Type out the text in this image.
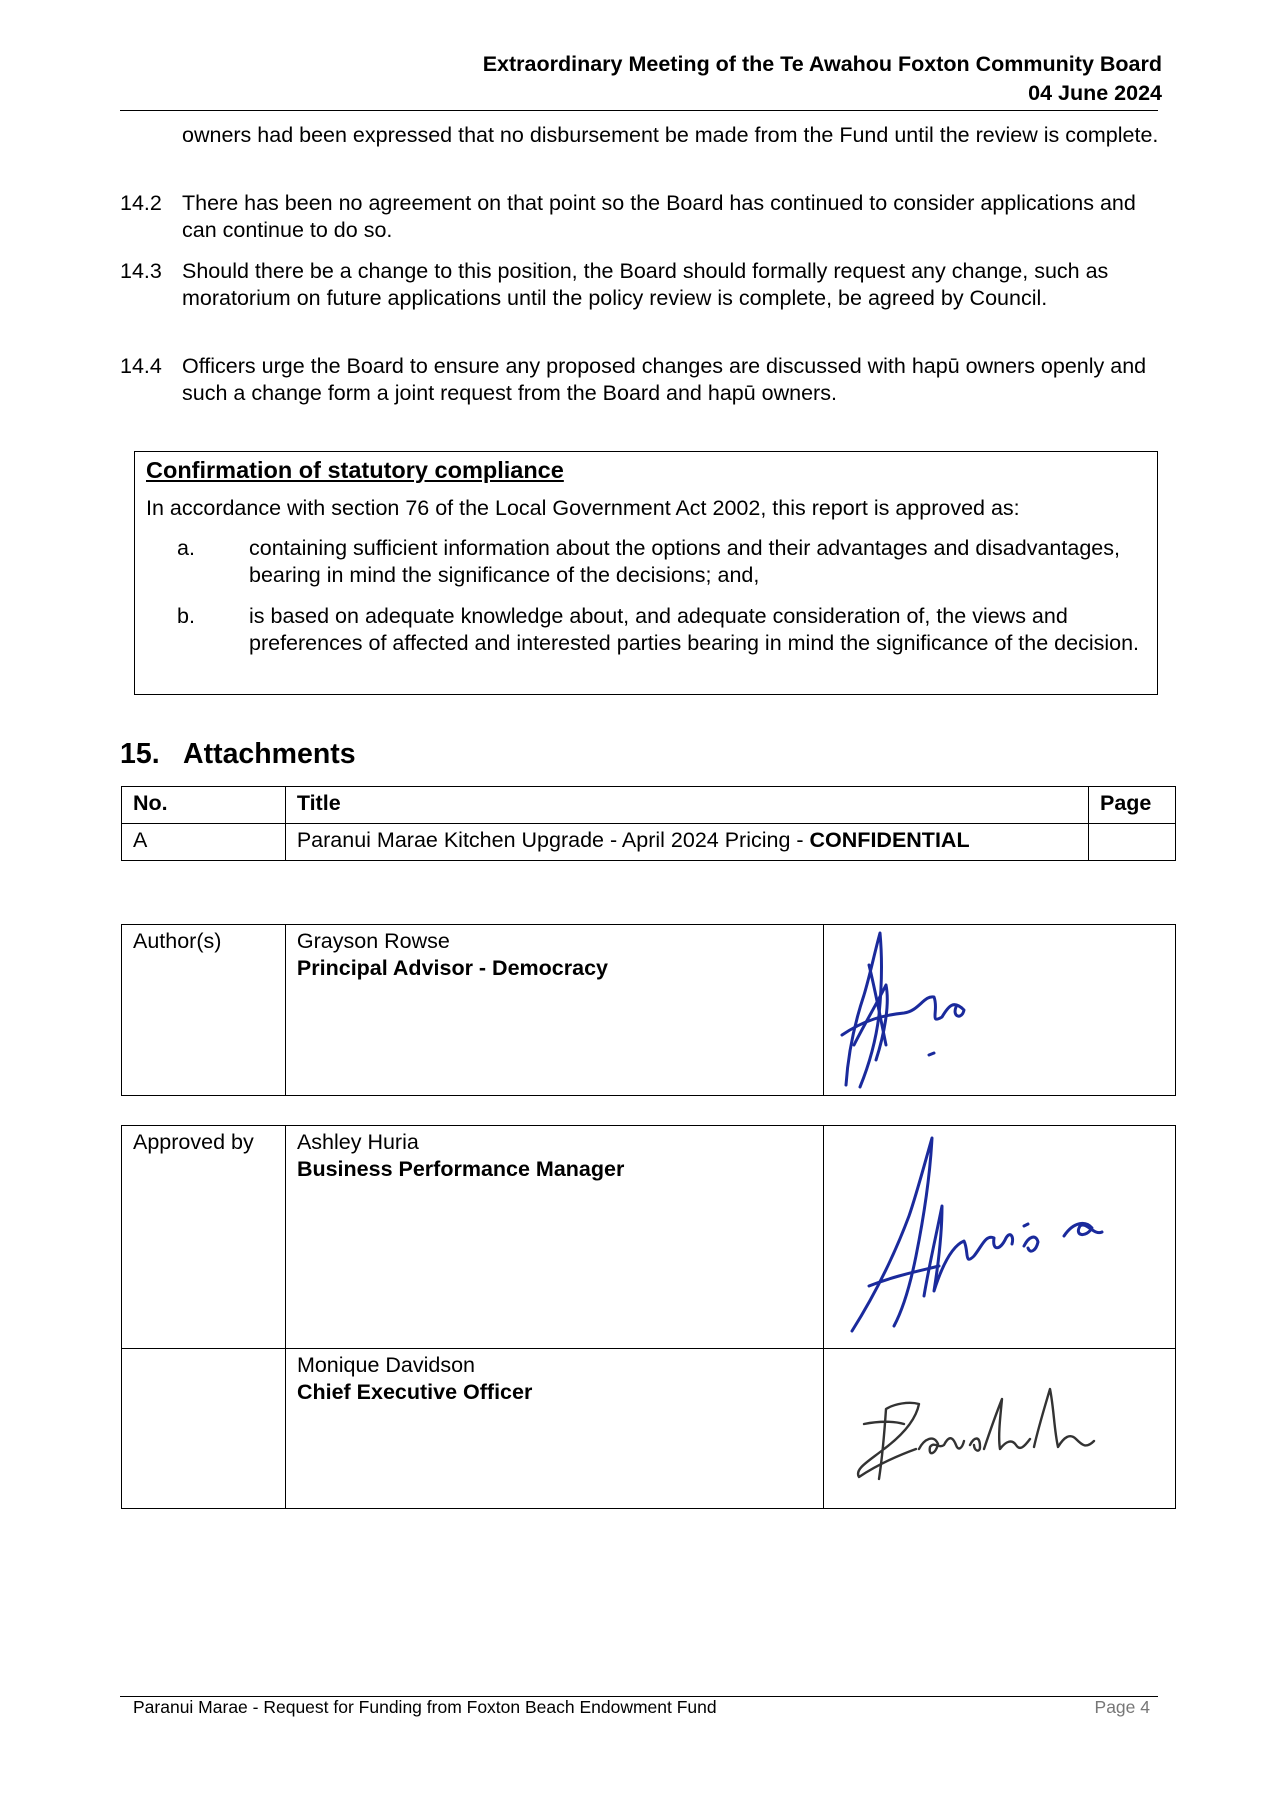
Extraordinary Meeting of the Te Awahou Foxton Community Board
04 June 2024
owners had been expressed that no disbursement be made from the Fund until the review is complete.
14.2 There has been no agreement on that point so the Board has continued to consider applications and can continue to do so.
14.3 Should there be a change to this position, the Board should formally request any change, such as moratorium on future applications until the policy review is complete, be agreed by Council.
14.4 Officers urge the Board to ensure any proposed changes are discussed with hapū owners openly and such a change form a joint request from the Board and hapū owners.
Confirmation of statutory compliance
In accordance with section 76 of the Local Government Act 2002, this report is approved as:
a.	containing sufficient information about the options and their advantages and disadvantages, bearing in mind the significance of the decisions; and,
b.	is based on adequate knowledge about, and adequate consideration of, the views and preferences of affected and interested parties bearing in mind the significance of the decision.
15. Attachments
No.	Title	Page
A	Paranui Marae Kitchen Upgrade - April 2024 Pricing - CONFIDENTIAL	
Author(s)	Grayson Rowse
Principal Advisor - Democracy

Approved by	Ashley Huria
Business Performance Manager

	Monique Davidson
Chief Executive Officer

Paranui Marae - Request for Funding from Foxton Beach Endowment Fund	Page 4
